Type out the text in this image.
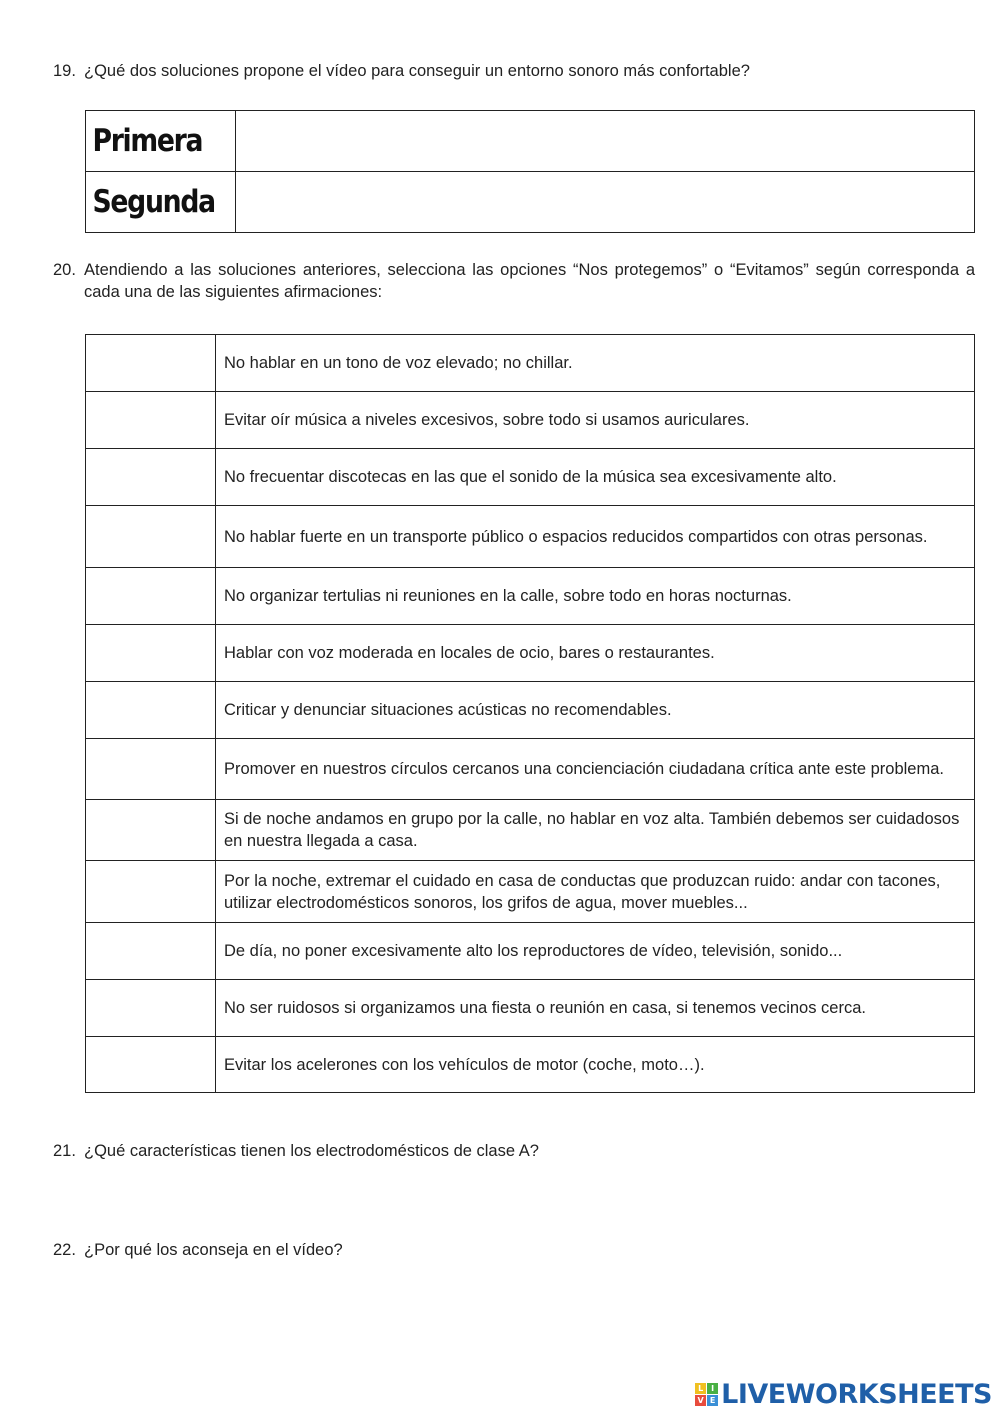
19. ¿Qué dos soluciones propone el vídeo para conseguir un entorno sonoro más confortable?
Primera	
Segunda	
20. Atendiendo a las soluciones anteriores, selecciona las opciones “Nos protegemos” o “Evitamos” según corresponda a cada una de las siguientes afirmaciones:
	No hablar en un tono de voz elevado; no chillar.
	Evitar oír música a niveles excesivos, sobre todo si usamos auriculares.
	No frecuentar discotecas en las que el sonido de la música sea excesivamente alto.
	No hablar fuerte en un transporte público o espacios reducidos compartidos con otras personas.
	No organizar tertulias ni reuniones en la calle, sobre todo en horas nocturnas.
	Hablar con voz moderada en locales de ocio, bares o restaurantes.
	Criticar y denunciar situaciones acústicas no recomendables.
	Promover en nuestros círculos cercanos una concienciación ciudadana crítica ante este problema.
	Si de noche andamos en grupo por la calle, no hablar en voz alta. También debemos ser cuidadosos en nuestra llegada a casa.
	Por la noche, extremar el cuidado en casa de conductas que produzcan ruido: andar con tacones, utilizar electrodomésticos sonoros, los grifos de agua, mover muebles...
	De día, no poner excesivamente alto los reproductores de vídeo, televisión, sonido...
	No ser ruidosos si organizamos una fiesta o reunión en casa, si tenemos vecinos cerca.
	Evitar los acelerones con los vehículos de motor (coche, moto…).
21. ¿Qué características tienen los electrodomésticos de clase A?
22. ¿Por qué los aconseja en el vídeo?
L I
V E LIVEWORKSHEETS
